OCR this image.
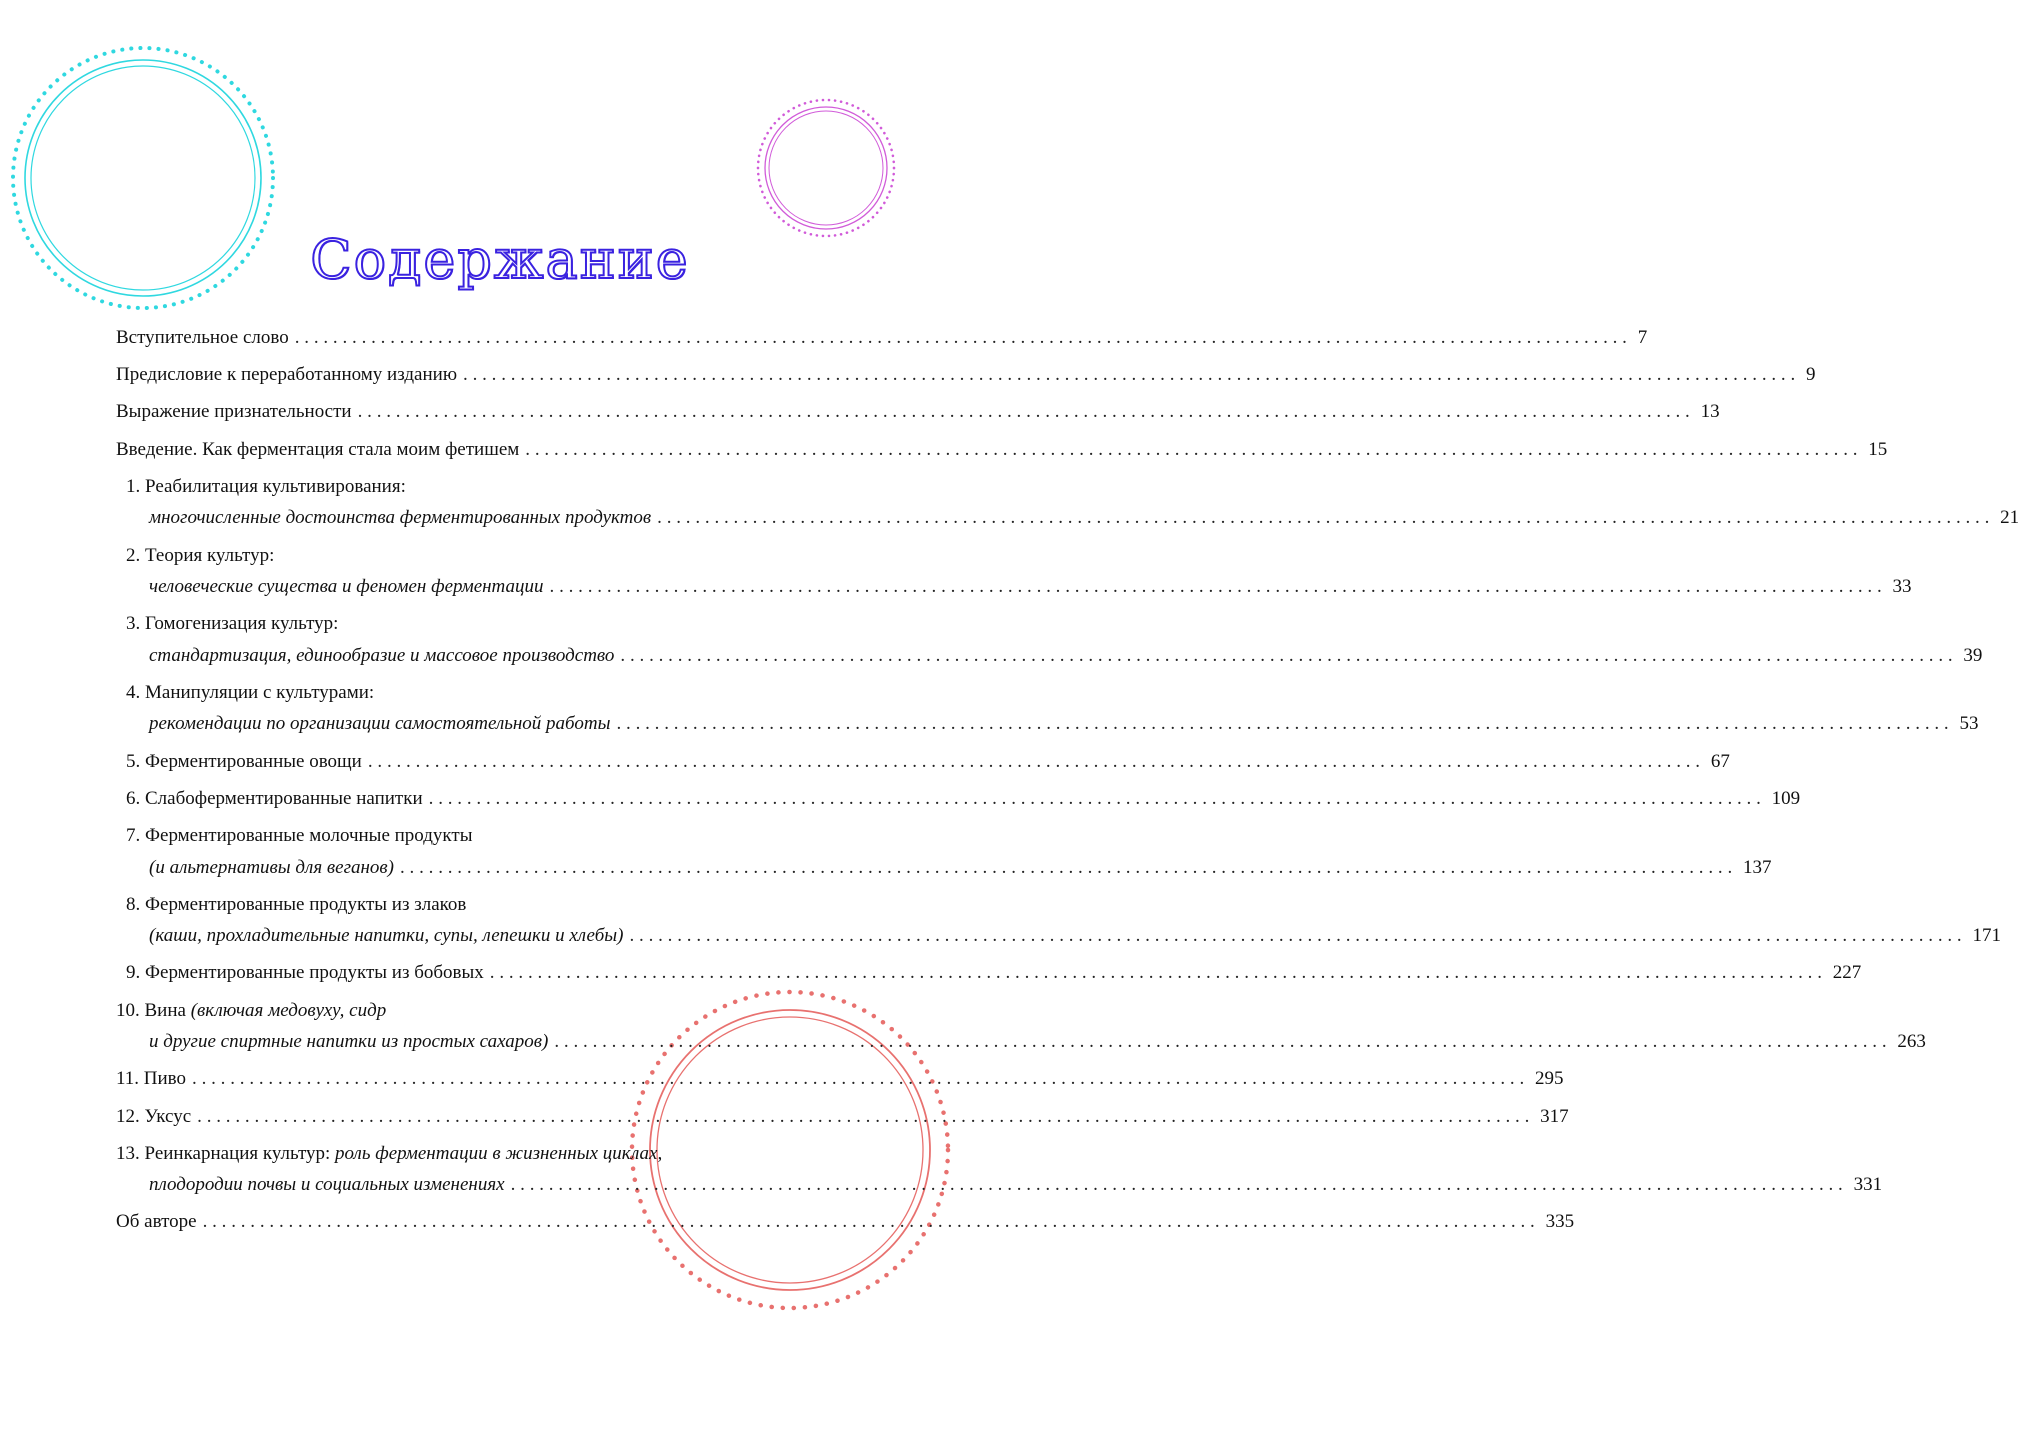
Содержание
Вступительное слово ............................................................................................................................................ 7
Предисловие к переработанному изданию ............................................................................................................................................ 9
Выражение признательности ............................................................................................................................................ 13
Введение. Как ферментация стала моим фетишем ............................................................................................................................................ 15
1. Реабилитация культивирования:
многочисленные достоинства ферментированных продуктов ............................................................................................................................................ 21
2. Теория культур:
человеческие существа и феномен ферментации ............................................................................................................................................ 33
3. Гомогенизация культур:
стандартизация, единообразие и массовое производство ............................................................................................................................................ 39
4. Манипуляции с культурами:
рекомендации по организации самостоятельной работы ............................................................................................................................................ 53
5. Ферментированные овощи ............................................................................................................................................ 67
6. Слабоферментированные напитки ............................................................................................................................................ 109
7. Ферментированные молочные продукты
(и альтернативы для веганов) ............................................................................................................................................ 137
8. Ферментированные продукты из злаков
(каши, прохладительные напитки, супы, лепешки и хлебы) ............................................................................................................................................ 171
9. Ферментированные продукты из бобовых ............................................................................................................................................ 227
10. Вина (включая медовуху, сидр
и другие спиртные напитки из простых сахаров) ............................................................................................................................................ 263
11. Пиво ............................................................................................................................................ 295
12. Уксус ............................................................................................................................................ 317
13. Реинкарнация культур: роль ферментации в жизненных циклах,
плодородии почвы и социальных изменениях ............................................................................................................................................ 331
Об авторе ............................................................................................................................................ 335
